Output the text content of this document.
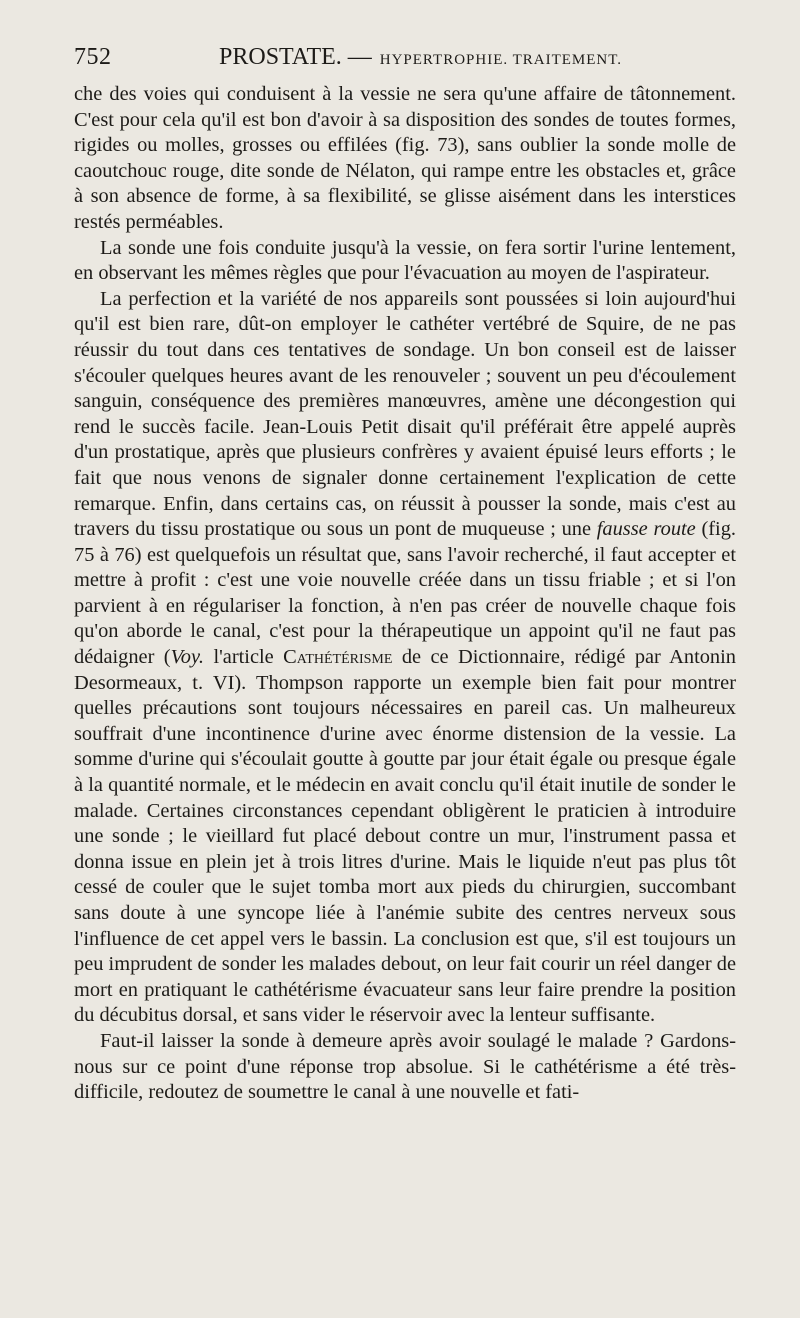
752	PROSTATE. — HYPERTROPHIE. TRAITEMENT.

che des voies qui conduisent à la vessie ne sera qu'une affaire de tâtonnement. C'est pour cela qu'il est bon d'avoir à sa disposition des sondes de toutes formes, rigides ou molles, grosses ou effilées (fig. 73), sans oublier la sonde molle de caoutchouc rouge, dite sonde de Nélaton, qui rampe entre les obstacles et, grâce à son absence de forme, à sa flexibilité, se glisse aisément dans les interstices restés perméables.

La sonde une fois conduite jusqu'à la vessie, on fera sortir l'urine lentement, en observant les mêmes règles que pour l'évacuation au moyen de l'aspirateur.

La perfection et la variété de nos appareils sont poussées si loin aujourd'hui qu'il est bien rare, dût-on employer le cathéter vertébré de Squire, de ne pas réussir du tout dans ces tentatives de sondage. Un bon conseil est de laisser s'écouler quelques heures avant de les renouveler ; souvent un peu d'écoulement sanguin, conséquence des premières manœuvres, amène une décongestion qui rend le succès facile. Jean-Louis Petit disait qu'il préférait être appelé auprès d'un prostatique, après que plusieurs confrères y avaient épuisé leurs efforts ; le fait que nous venons de signaler donne certainement l'explication de cette remarque. Enfin, dans certains cas, on réussit à pousser la sonde, mais c'est au travers du tissu prostatique ou sous un pont de muqueuse ; une fausse route (fig. 75 à 76) est quelquefois un résultat que, sans l'avoir recherché, il faut accepter et mettre à profit : c'est une voie nouvelle créée dans un tissu friable ; et si l'on parvient à en régulariser la fonction, à n'en pas créer de nouvelle chaque fois qu'on aborde le canal, c'est pour la thérapeutique un appoint qu'il ne faut pas dédaigner (Voy. l'article Cathétérisme de ce Dictionnaire, rédigé par Antonin Desormeaux, t. VI). Thompson rapporte un exemple bien fait pour montrer quelles précautions sont toujours nécessaires en pareil cas. Un malheureux souffrait d'une incontinence d'urine avec énorme distension de la vessie. La somme d'urine qui s'écoulait goutte à goutte par jour était égale ou presque égale à la quantité normale, et le médecin en avait conclu qu'il était inutile de sonder le malade. Certaines circonstances cependant obligèrent le praticien à introduire une sonde ; le vieillard fut placé debout contre un mur, l'instrument passa et donna issue en plein jet à trois litres d'urine. Mais le liquide n'eut pas plus tôt cessé de couler que le sujet tomba mort aux pieds du chirurgien, succombant sans doute à une syncope liée à l'anémie subite des centres nerveux sous l'influence de cet appel vers le bassin. La conclusion est que, s'il est toujours un peu imprudent de sonder les malades debout, on leur fait courir un réel danger de mort en pratiquant le cathétérisme évacuateur sans leur faire prendre la position du décubitus dorsal, et sans vider le réservoir avec la lenteur suffisante.

Faut-il laisser la sonde à demeure après avoir soulagé le malade ? Gardons-nous sur ce point d'une réponse trop absolue. Si le cathétérisme a été très-difficile, redoutez de soumettre le canal à une nouvelle et fati-
